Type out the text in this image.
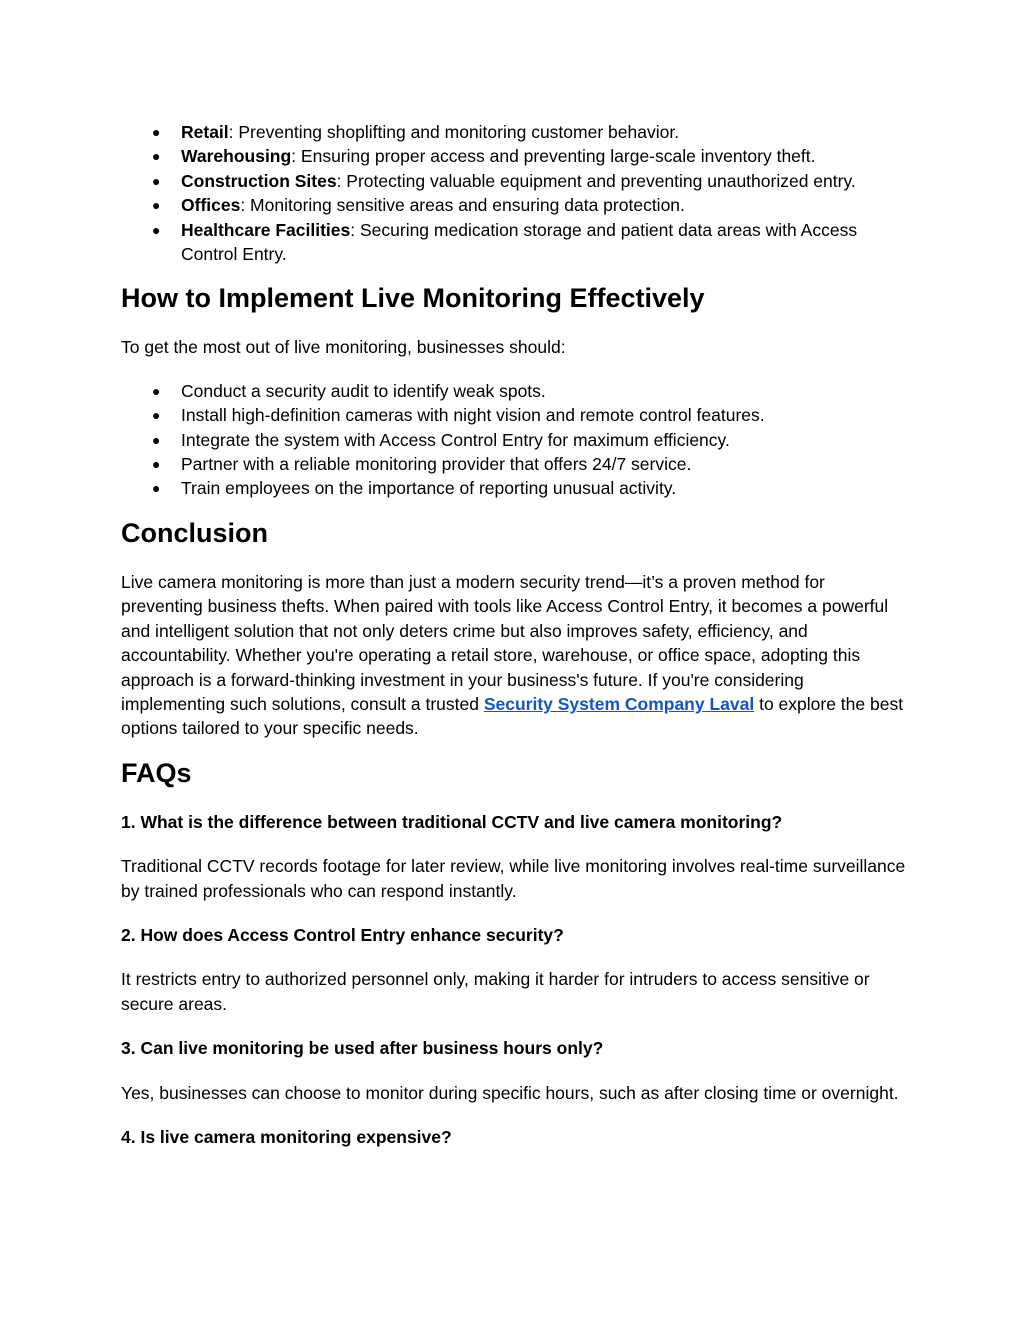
● Retail: Preventing shoplifting and monitoring customer behavior.
● Warehousing: Ensuring proper access and preventing large-scale inventory theft.
● Construction Sites: Protecting valuable equipment and preventing unauthorized entry.
● Offices: Monitoring sensitive areas and ensuring data protection.
● Healthcare Facilities: Securing medication storage and patient data areas with Access Control Entry.
How to Implement Live Monitoring Effectively

To get the most out of live monitoring, businesses should:

● Conduct a security audit to identify weak spots.
● Install high-definition cameras with night vision and remote control features.
● Integrate the system with Access Control Entry for maximum efficiency.
● Partner with a reliable monitoring provider that offers 24/7 service.
● Train employees on the importance of reporting unusual activity.
Conclusion

Live camera monitoring is more than just a modern security trend—it’s a proven method for preventing business thefts. When paired with tools like Access Control Entry, it becomes a powerful and intelligent solution that not only deters crime but also improves safety, efficiency, and accountability. Whether you're operating a retail store, warehouse, or office space, adopting this approach is a forward-thinking investment in your business's future. If you're considering implementing such solutions, consult a trusted Security System Company Laval to explore the best options tailored to your specific needs.

FAQs

1. What is the difference between traditional CCTV and live camera monitoring?

Traditional CCTV records footage for later review, while live monitoring involves real-time surveillance by trained professionals who can respond instantly.

2. How does Access Control Entry enhance security?

It restricts entry to authorized personnel only, making it harder for intruders to access sensitive or secure areas.

3. Can live monitoring be used after business hours only?

Yes, businesses can choose to monitor during specific hours, such as after closing time or overnight.

4. Is live camera monitoring expensive?
